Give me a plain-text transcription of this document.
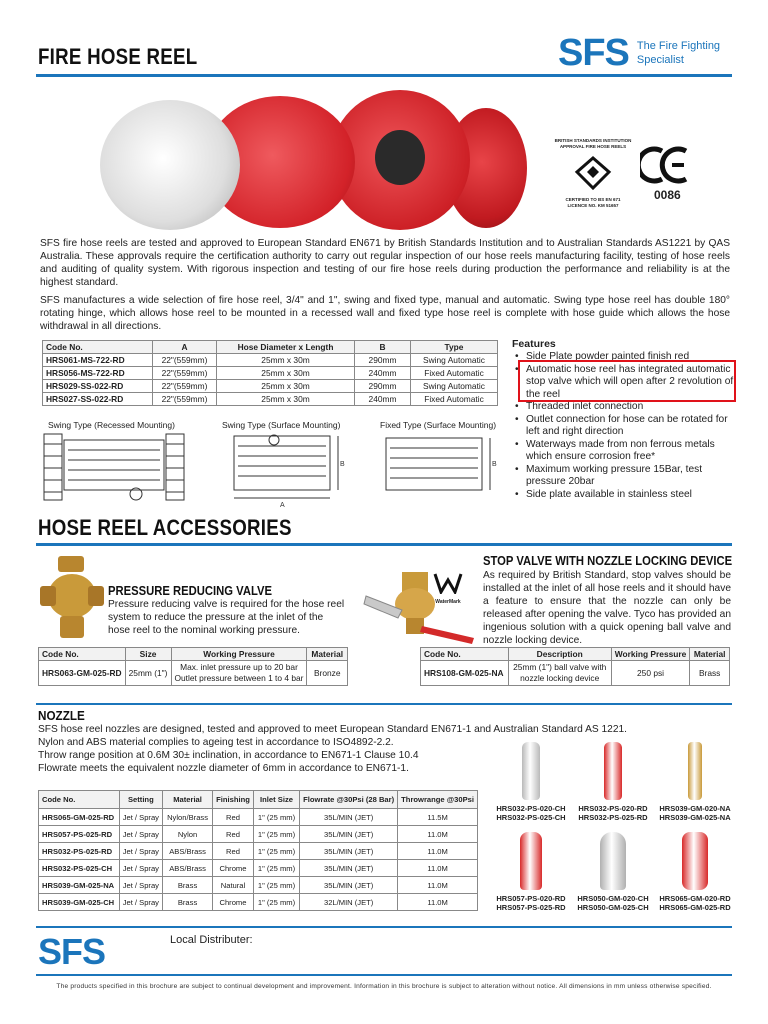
FIRE HOSE REEL	SFS The Fire Fighting
Specialist
BRITISH STANDARDS INSTITUTION
APPROVAL FIRE HOSE REELS
CERTIFIED TO BS EN 671
LICENCE NO. KM 51657
0086

SFS fire hose reels are tested and approved to European Standard EN671 by British Standards Institution and to Australian Standards AS1221 by QAS Australia. These approvals require the certification authority to carry out regular inspection of our hose reels manufacturing facility, testing of hose reels and auditing of quality system. With rigorous inspection and testing of our fire hose reels during production the performance and reliability is at the highest standard.

SFS manufactures a wide selection of fire hose reel, 3/4" and 1", swing and fixed type, manual and automatic. Swing type hose reel has double 180° rotating hinge, which allows hose reel to be mounted in a recessed wall and fixed type hose reel is complete with hose guide which allows the hose withdrawal in all directions.

Code No.	A	Hose Diameter x Length	B	Type
HRS061-MS-722-RD	22"(559mm)	25mm x 30m	290mm	Swing Automatic
HRS056-MS-722-RD	22"(559mm)	25mm x 30m	240mm	Fixed Automatic
HRS029-SS-022-RD	22"(559mm)	25mm x 30m	290mm	Swing Automatic
HRS027-SS-022-RD	22"(559mm)	25mm x 30m	240mm	Fixed Automatic
Swing Type (Recessed Mounting)	Swing Type (Surface Mounting)	Fixed Type (Surface Mounting)
A
B	B
Features
• Side Plate powder painted finish red
• Automatic hose reel has integrated automatic stop valve which will open after 2 revolution of the reel
• Threaded inlet connection
• Outlet connection for hose can be rotated for left and right direction
• Waterways made from non ferrous metals which ensure corrosion free*
• Maximum working pressure 15Bar, test pressure 20bar
• Side plate available in stainless steel
HOSE REEL ACCESSORIES
PRESSURE REDUCING VALVE

Pressure reducing valve is required for the hose reel system to reduce the pressure at the inlet of the hose reel to the nominal working pressure.

Code No.	Size	Working Pressure	Material
HRS063-GM-025-RD	25mm (1")	Max. inlet pressure up to 20 bar
Outlet pressure between 1 to 4 bar	Bronze
WaterMark
STOP VALVE WITH NOZZLE LOCKING DEVICE

As required by British Standard, stop valves should be installed at the inlet of all hose reels and it should have a feature to ensure that the nozzle can only be released after opening the valve. Tyco has provided an ingenious solution with a quick opening ball valve and nozzle locking device.

Code No.	Description	Working Pressure	Material
HRS108-GM-025-NA	25mm (1") ball valve with
nozzle locking device	250 psi	Brass
NOZZLE
SFS hose reel nozzles are designed, tested and approved to meet European Standard EN671-1 and Australian Standard AS 1221.
Nylon and ABS material complies to ageing test in accordance to ISO4892-2.2.
Throw range position at 0.6M 30± inclination, in accordance to EN671-1 Clause 10.4
Flowrate meets the equivalent nozzle diameter of 6mm in accordance to EN671-1.
Code No.	Setting	Material	Finishing	Inlet Size	Flowrate @30Psi (28 Bar)	Throwrange @30Psi
HRS065-GM-025-RD	Jet / Spray	Nylon/Brass	Red	1" (25 mm)	35L/MIN (JET)	11.5M
HRS057-PS-025-RD	Jet / Spray	Nylon	Red	1" (25 mm)	35L/MIN (JET)	11.0M
HRS032-PS-025-RD	Jet / Spray	ABS/Brass	Red	1" (25 mm)	35L/MIN (JET)	11.0M
HRS032-PS-025-CH	Jet / Spray	ABS/Brass	Chrome	1" (25 mm)	35L/MIN (JET)	11.0M
HRS039-GM-025-NA	Jet / Spray	Brass	Natural	1" (25 mm)	35L/MIN (JET)	11.0M
HRS039-GM-025-CH	Jet / Spray	Brass	Chrome	1" (25 mm)	32L/MIN (JET)	11.0M
HRS032-PS-020-CH
HRS032-PS-025-CH
HRS032-PS-020-RD
HRS032-PS-025-RD
HRS039-GM-020-NA
HRS039-GM-025-NA
HRS057-PS-020-RD
HRS057-PS-025-RD
HRS050-GM-020-CH
HRS050-GM-025-CH
HRS065-GM-020-RD
HRS065-GM-025-RD
SFS	Local Distributer:
The products specified in this brochure are subject to continual development and improvement. Information in this brochure is subject to alteration without notice. All dimensions in mm unless otherwise specified.
